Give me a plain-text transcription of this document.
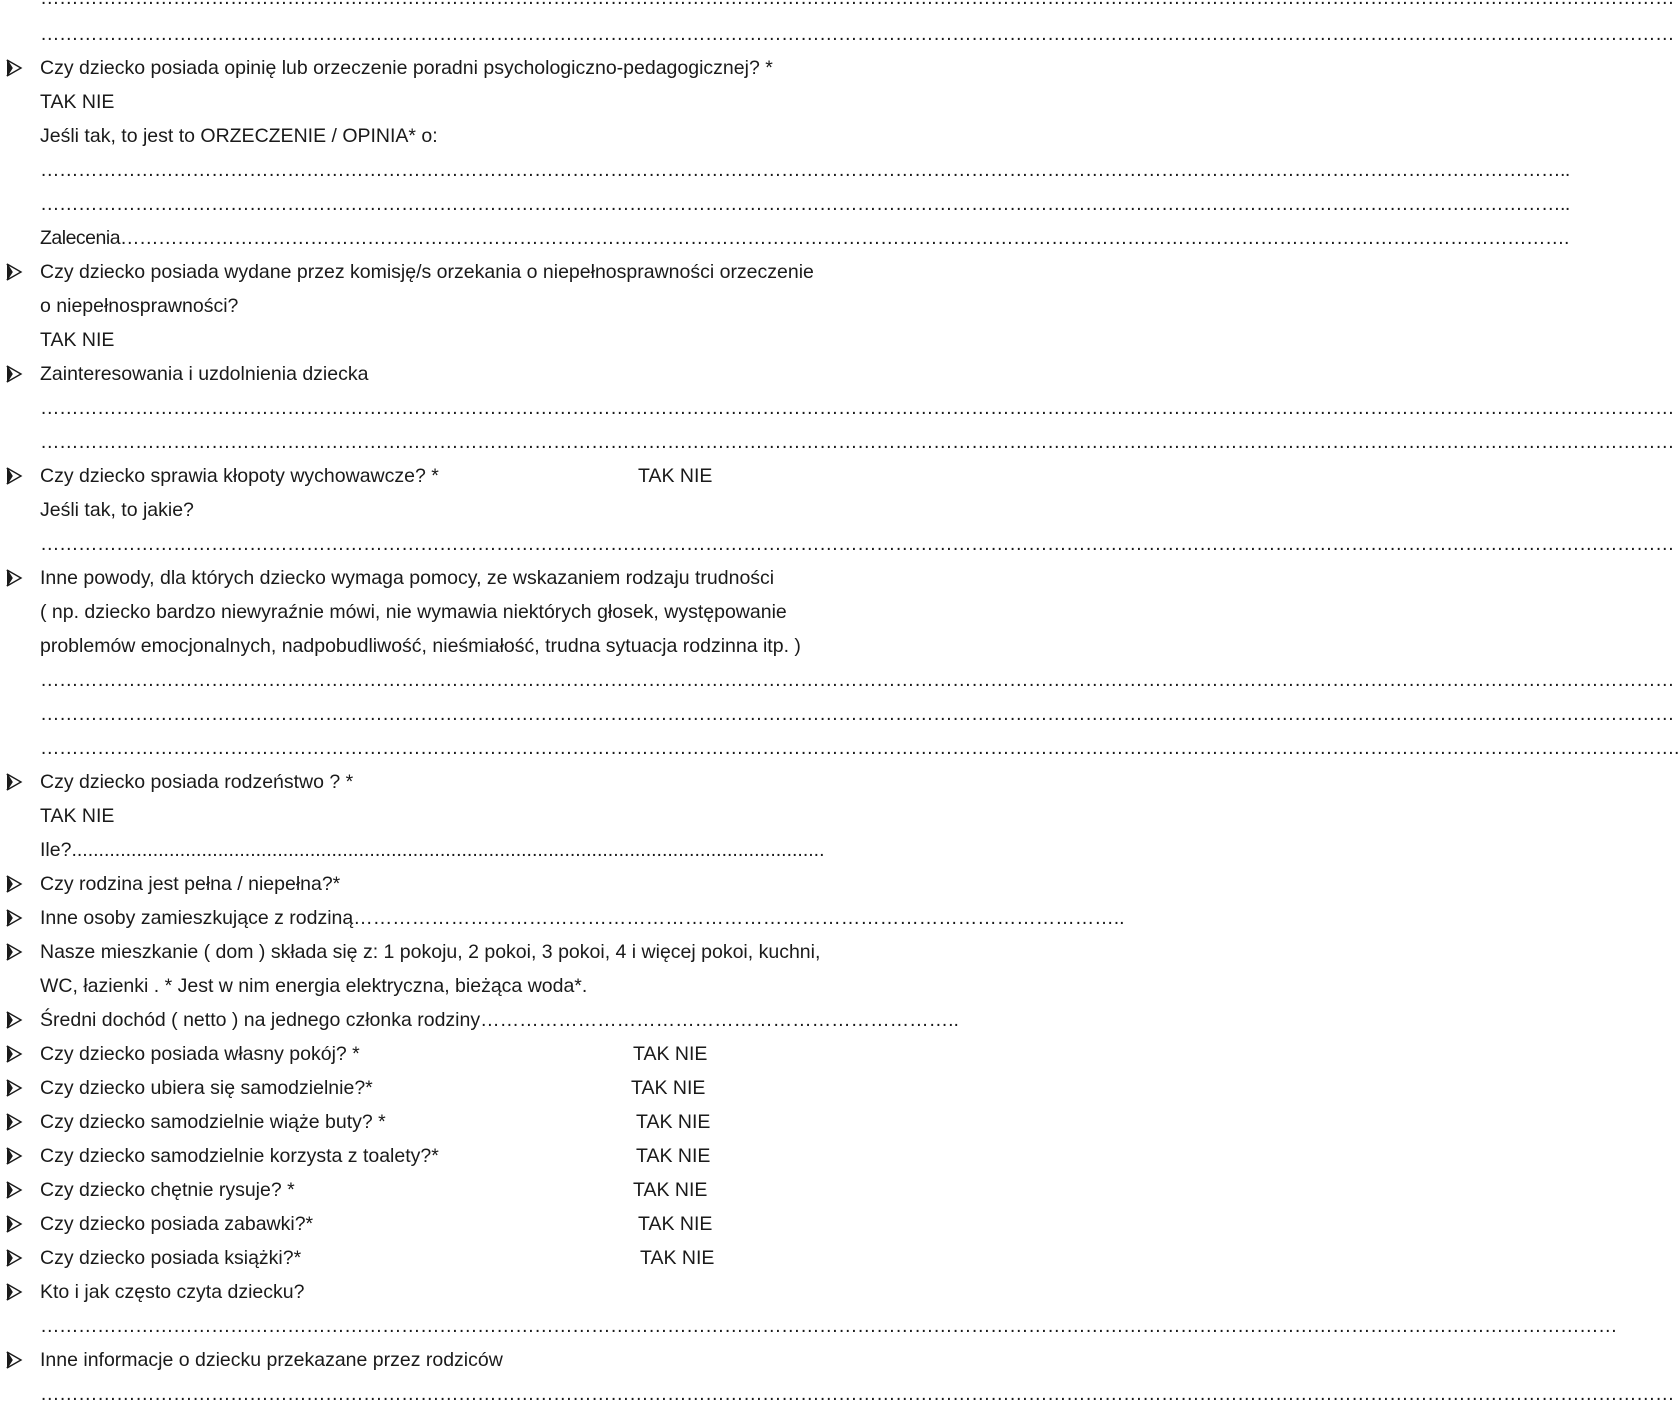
……………………………………………………………………………………………………………………………………………………………………………………………………………………………………
Czy dziecko posiada opinię lub orzeczenie poradni psychologiczno-pedagogicznej? *
TAK NIE
Jeśli tak, to jest to ORZECZENIE / OPINIA* o:
……………………………………………………………………………………………………………………………………………………………………………………………………………………..
……………………………………………………………………………………………………………………………………………………………………………………………………………………..
Zalecenia………………………………………………………………………………………………………………………………………………………………………………………………………….
Czy dziecko posiada wydane przez komisję/s orzekania o niepełnosprawności orzeczenie
o niepełnosprawności?
TAK NIE
Zainteresowania i uzdolnienia dziecka
……………………………………………………………………………………………………………………………………………………………………………………………………………………………………
……………………………………………………………………………………………………………………………………………………………………………………………………………………………………
Czy dziecko sprawia kłopoty wychowawcze? *	TAK NIE
Jeśli tak, to jakie?
……………………………………………………………………………………………………………………………………………………………………………………………………………………………………
Inne powody, dla których dziecko wymaga pomocy, ze wskazaniem rodzaju trudności
( np. dziecko bardzo niewyraźnie mówi, nie wymawia niektórych głosek, występowanie
problemów emocjonalnych, nadpobudliwość, nieśmiałość, trudna sytuacja rodzinna itp. )
……………………………………………………………………………………………………………………………………………………………………………………………………………………………………
……………………………………………………………………………………………………………………………………………………………………………………………………………………………………
…………………………………………………………………………………………………………………………………………………………………………………………………………………………………….
Czy dziecko posiada rodzeństwo ? *
TAK NIE
Ile?...........................................................................................................................................
Czy rodzina jest pełna / niepełna?*
Inne osoby zamieszkujące z rodziną………………………………………………………………………………………………………..
Nasze mieszkanie ( dom ) składa się z: 1 pokoju, 2 pokoi, 3 pokoi, 4 i więcej pokoi, kuchni,
WC, łazienki . * Jest w nim energia elektryczna, bieżąca woda*.
Średni dochód ( netto ) na jednego członka rodziny………………………………………………………………..
Czy dziecko posiada własny pokój? *	TAK NIE
Czy dziecko ubiera się samodzielnie?*	TAK NIE
Czy dziecko samodzielnie wiąże buty? *	TAK NIE
Czy dziecko samodzielnie korzysta z toalety?*	TAK NIE
Czy dziecko chętnie rysuje? *	TAK NIE
Czy dziecko posiada zabawki?*	TAK NIE
Czy dziecko posiada książki?*	TAK NIE
Kto i jak często czyta dziecku?
……………………………………………………………………………………………………………………………………………………………………………………………………………………………
Inne informacje o dziecku przekazane przez rodziców
……………………………………………………………………………………………………………………………………………………………………………………………………………………………………
